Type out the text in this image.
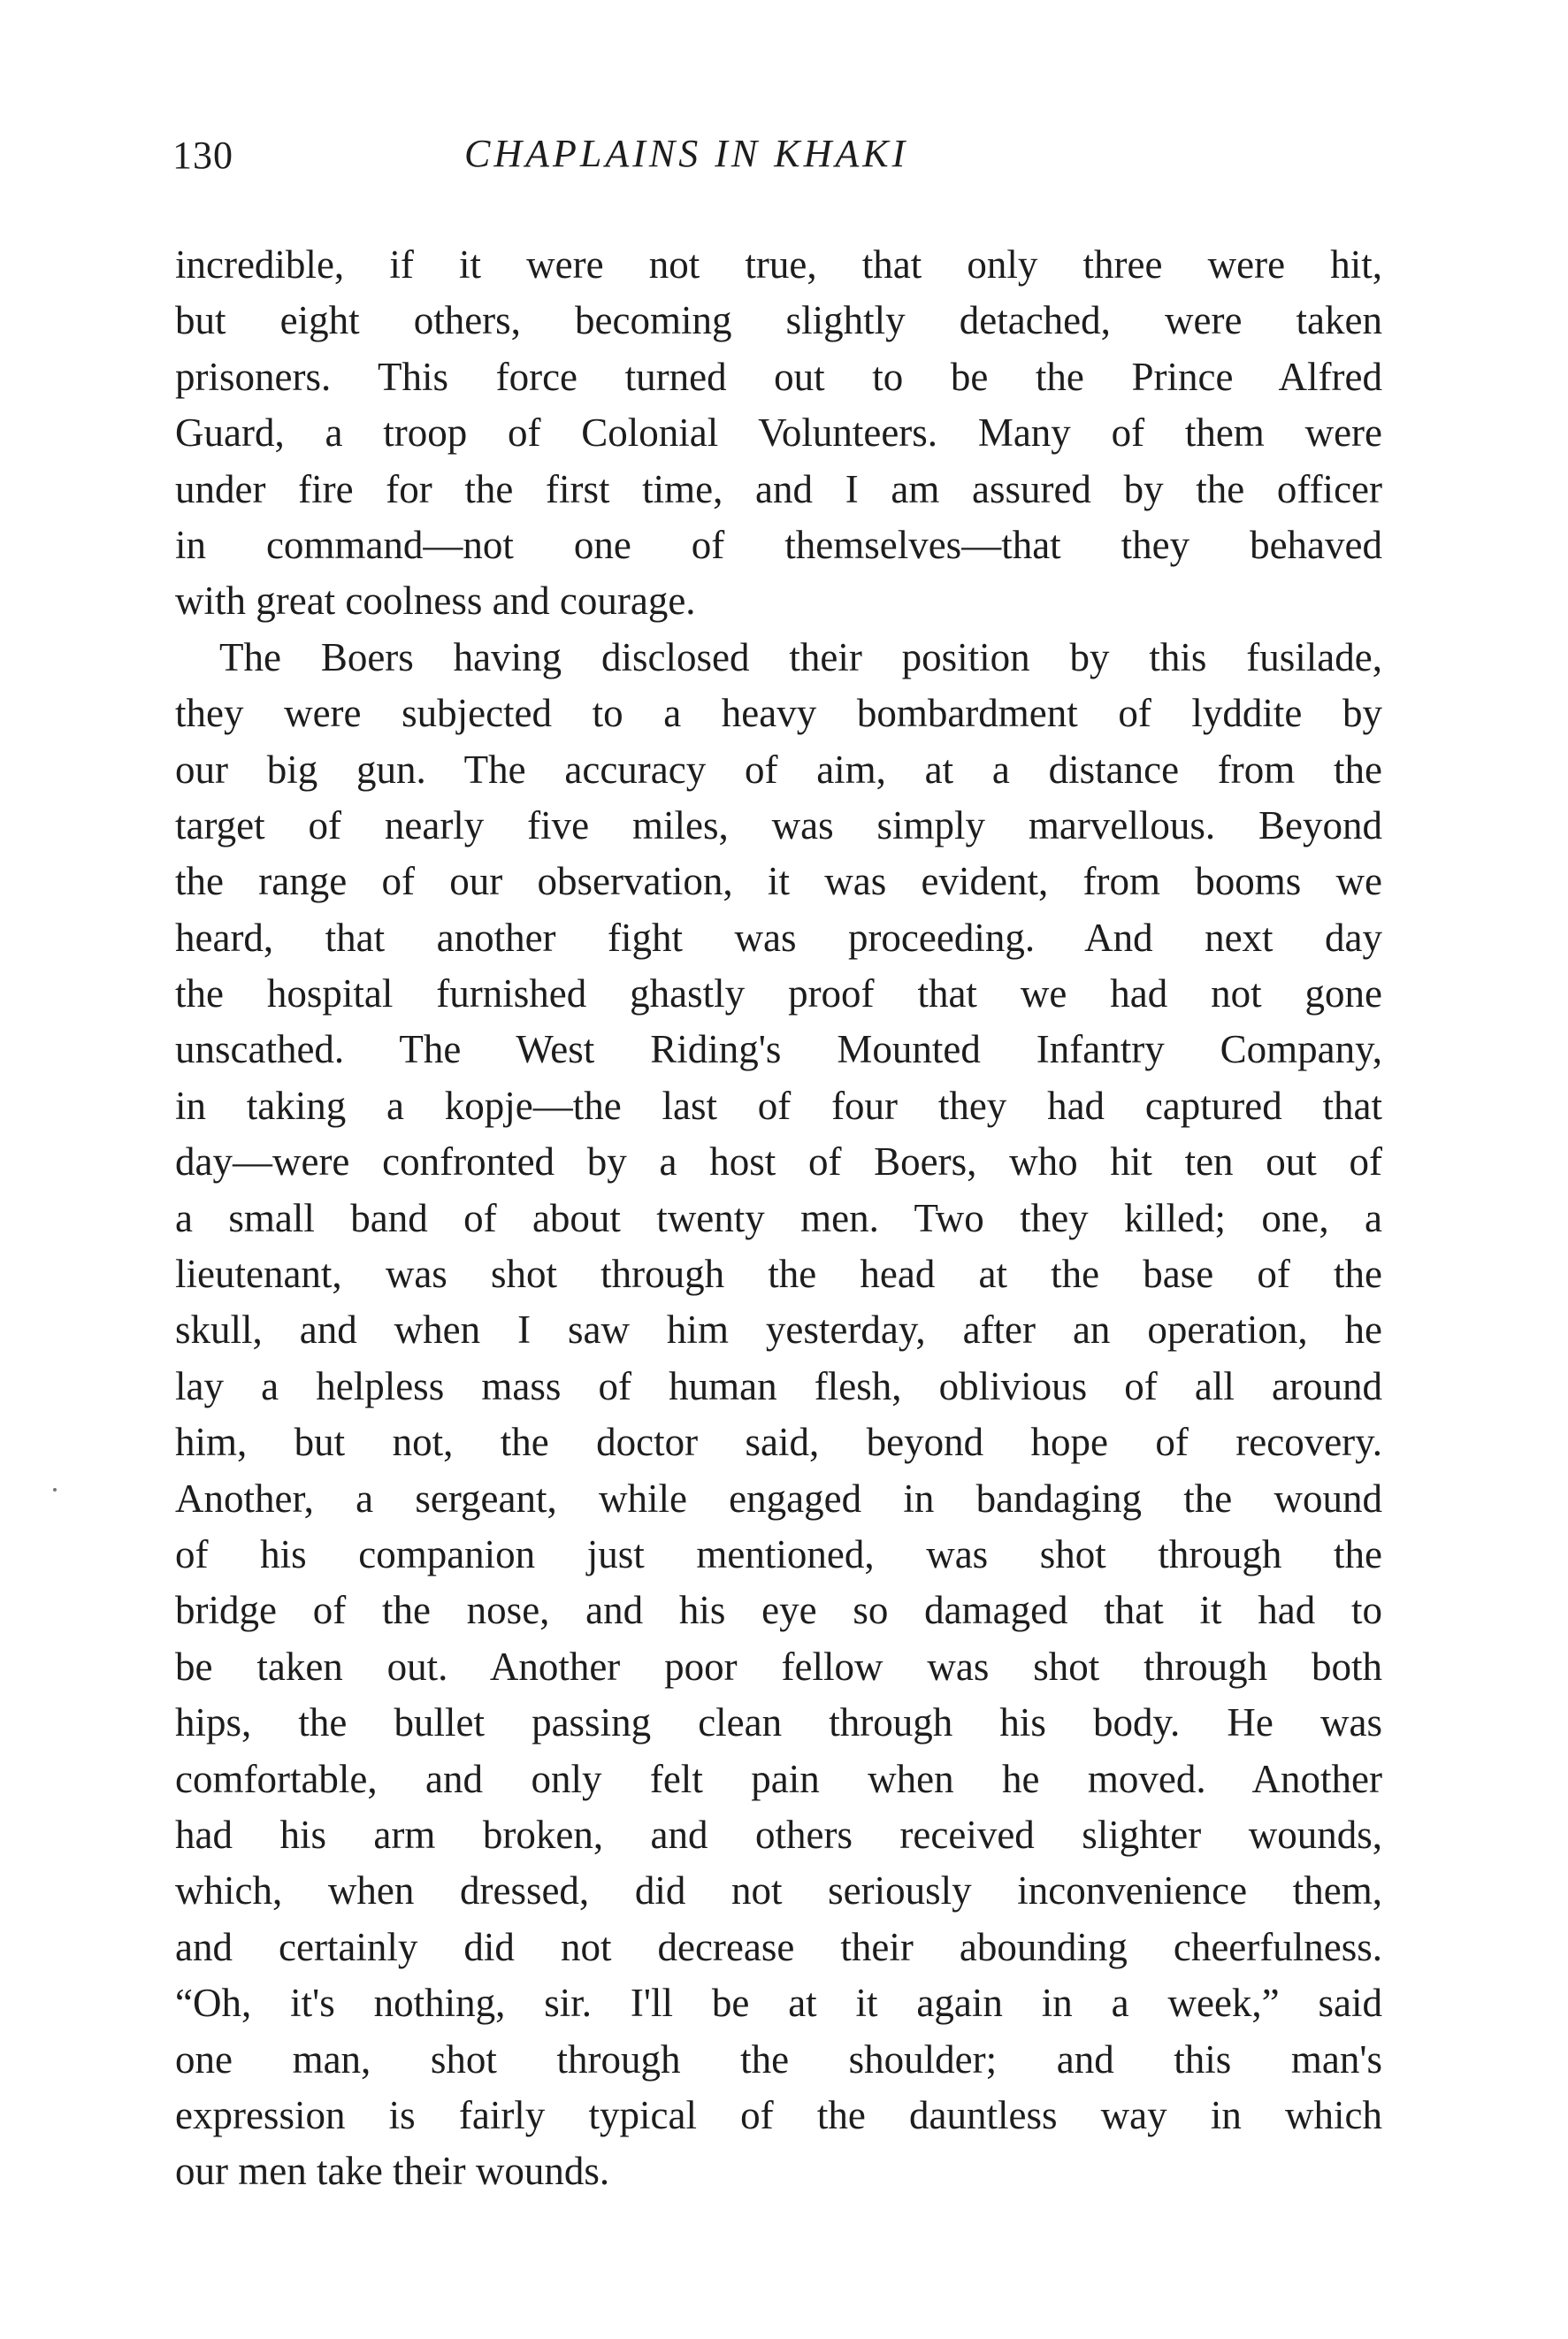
130	CHAPLAINS IN KHAKI
incredible, if it were not true, that only three were hit,
but eight others, becoming slightly detached, were taken
prisoners. This force turned out to be the Prince Alfred
Guard, a troop of Colonial Volunteers. Many of them were
under fire for the first time, and I am assured by the officer
in command—not one of themselves—that they behaved
with great coolness and courage.
The Boers having disclosed their position by this fusilade,
they were subjected to a heavy bombardment of lyddite by
our big gun. The accuracy of aim, at a distance from the
target of nearly five miles, was simply marvellous. Beyond
the range of our observation, it was evident, from booms we
heard, that another fight was proceeding. And next day
the hospital furnished ghastly proof that we had not gone
unscathed. The West Riding's Mounted Infantry Company,
in taking a kopje—the last of four they had captured that
day—were confronted by a host of Boers, who hit ten out of
a small band of about twenty men. Two they killed; one, a
lieutenant, was shot through the head at the base of the
skull, and when I saw him yesterday, after an operation, he
lay a helpless mass of human flesh, oblivious of all around
him, but not, the doctor said, beyond hope of recovery.
Another, a sergeant, while engaged in bandaging the wound
of his companion just mentioned, was shot through the
bridge of the nose, and his eye so damaged that it had to
be taken out. Another poor fellow was shot through both
hips, the bullet passing clean through his body. He was
comfortable, and only felt pain when he moved. Another
had his arm broken, and others received slighter wounds,
which, when dressed, did not seriously inconvenience them,
and certainly did not decrease their abounding cheerfulness.
“Oh, it's nothing, sir. I'll be at it again in a week,” said
one man, shot through the shoulder; and this man's
expression is fairly typical of the dauntless way in which
our men take their wounds.
